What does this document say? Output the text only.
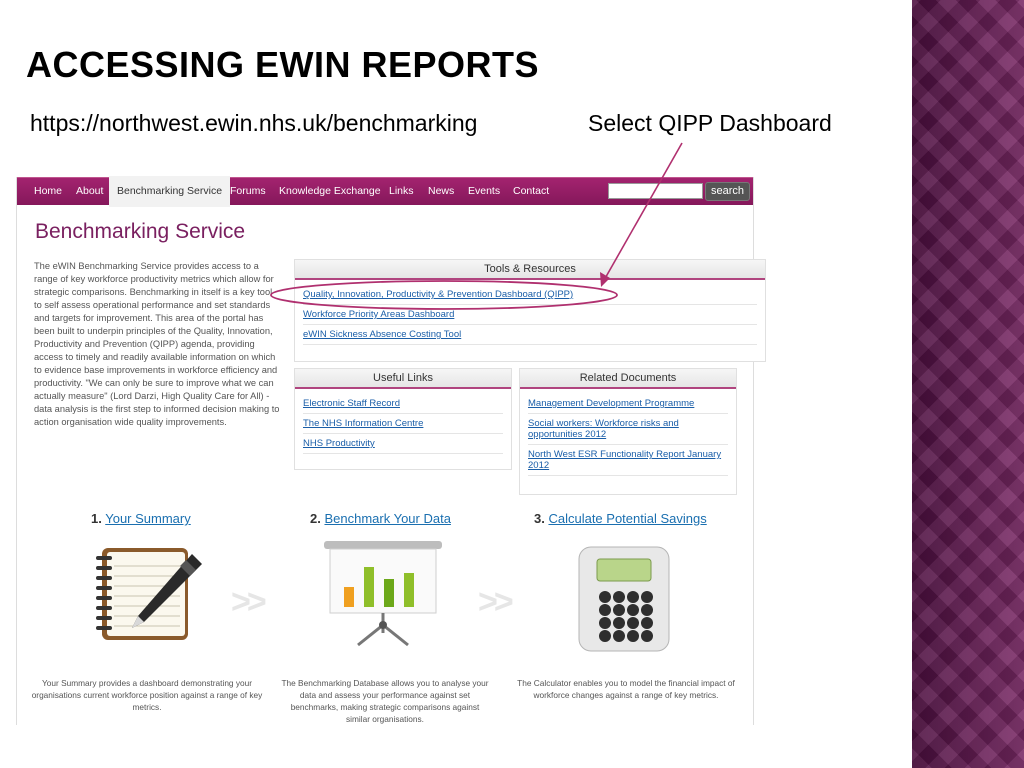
ACCESSING EWIN REPORTS
https://northwest.ewin.nhs.uk/benchmarking	Select QIPP Dashboard
Home	About	Benchmarking Service Forums	Knowledge Exchange Links	News	Events	Contact	search
Benchmarking Service

The eWIN Benchmarking Service provides access to a range of key workforce productivity metrics which allow for strategic comparisons. Benchmarking in itself is a key tool to self assess operational performance and set standards and targets for improvement. This area of the portal has been built to underpin principles of the Quality, Innovation, Productivity and Prevention (QIPP) agenda, providing access to timely and readily available information on which to evidence base improvements in workforce efficiency and productivity. "We can only be sure to improve what we can actually measure" (Lord Darzi, High Quality Care for All) - data analysis is the first step to informed decision making to action organisation wide quality improvements.

Tools & Resources
Quality, Innovation, Productivity & Prevention Dashboard (QIPP)
Workforce Priority Areas Dashboard
eWIN Sickness Absence Costing Tool
Useful Links
Electronic Staff Record
The NHS Information Centre
NHS Productivity
Related Documents
Management Development Programme
Social workers: Workforce risks and opportunities 2012
North West ESR Functionality Report January 2012
1. Your Summary	2. Benchmark Your Data	3. Calculate Potential Savings
>>	>>
Your Summary provides a dashboard demonstrating your organisations current workforce position against a range of key metrics.
The Benchmarking Database allows you to analyse your data and assess your performance against set benchmarks, making strategic comparisons against similar organisations.
The Calculator enables you to model the financial impact of workforce changes against a range of key metrics.
